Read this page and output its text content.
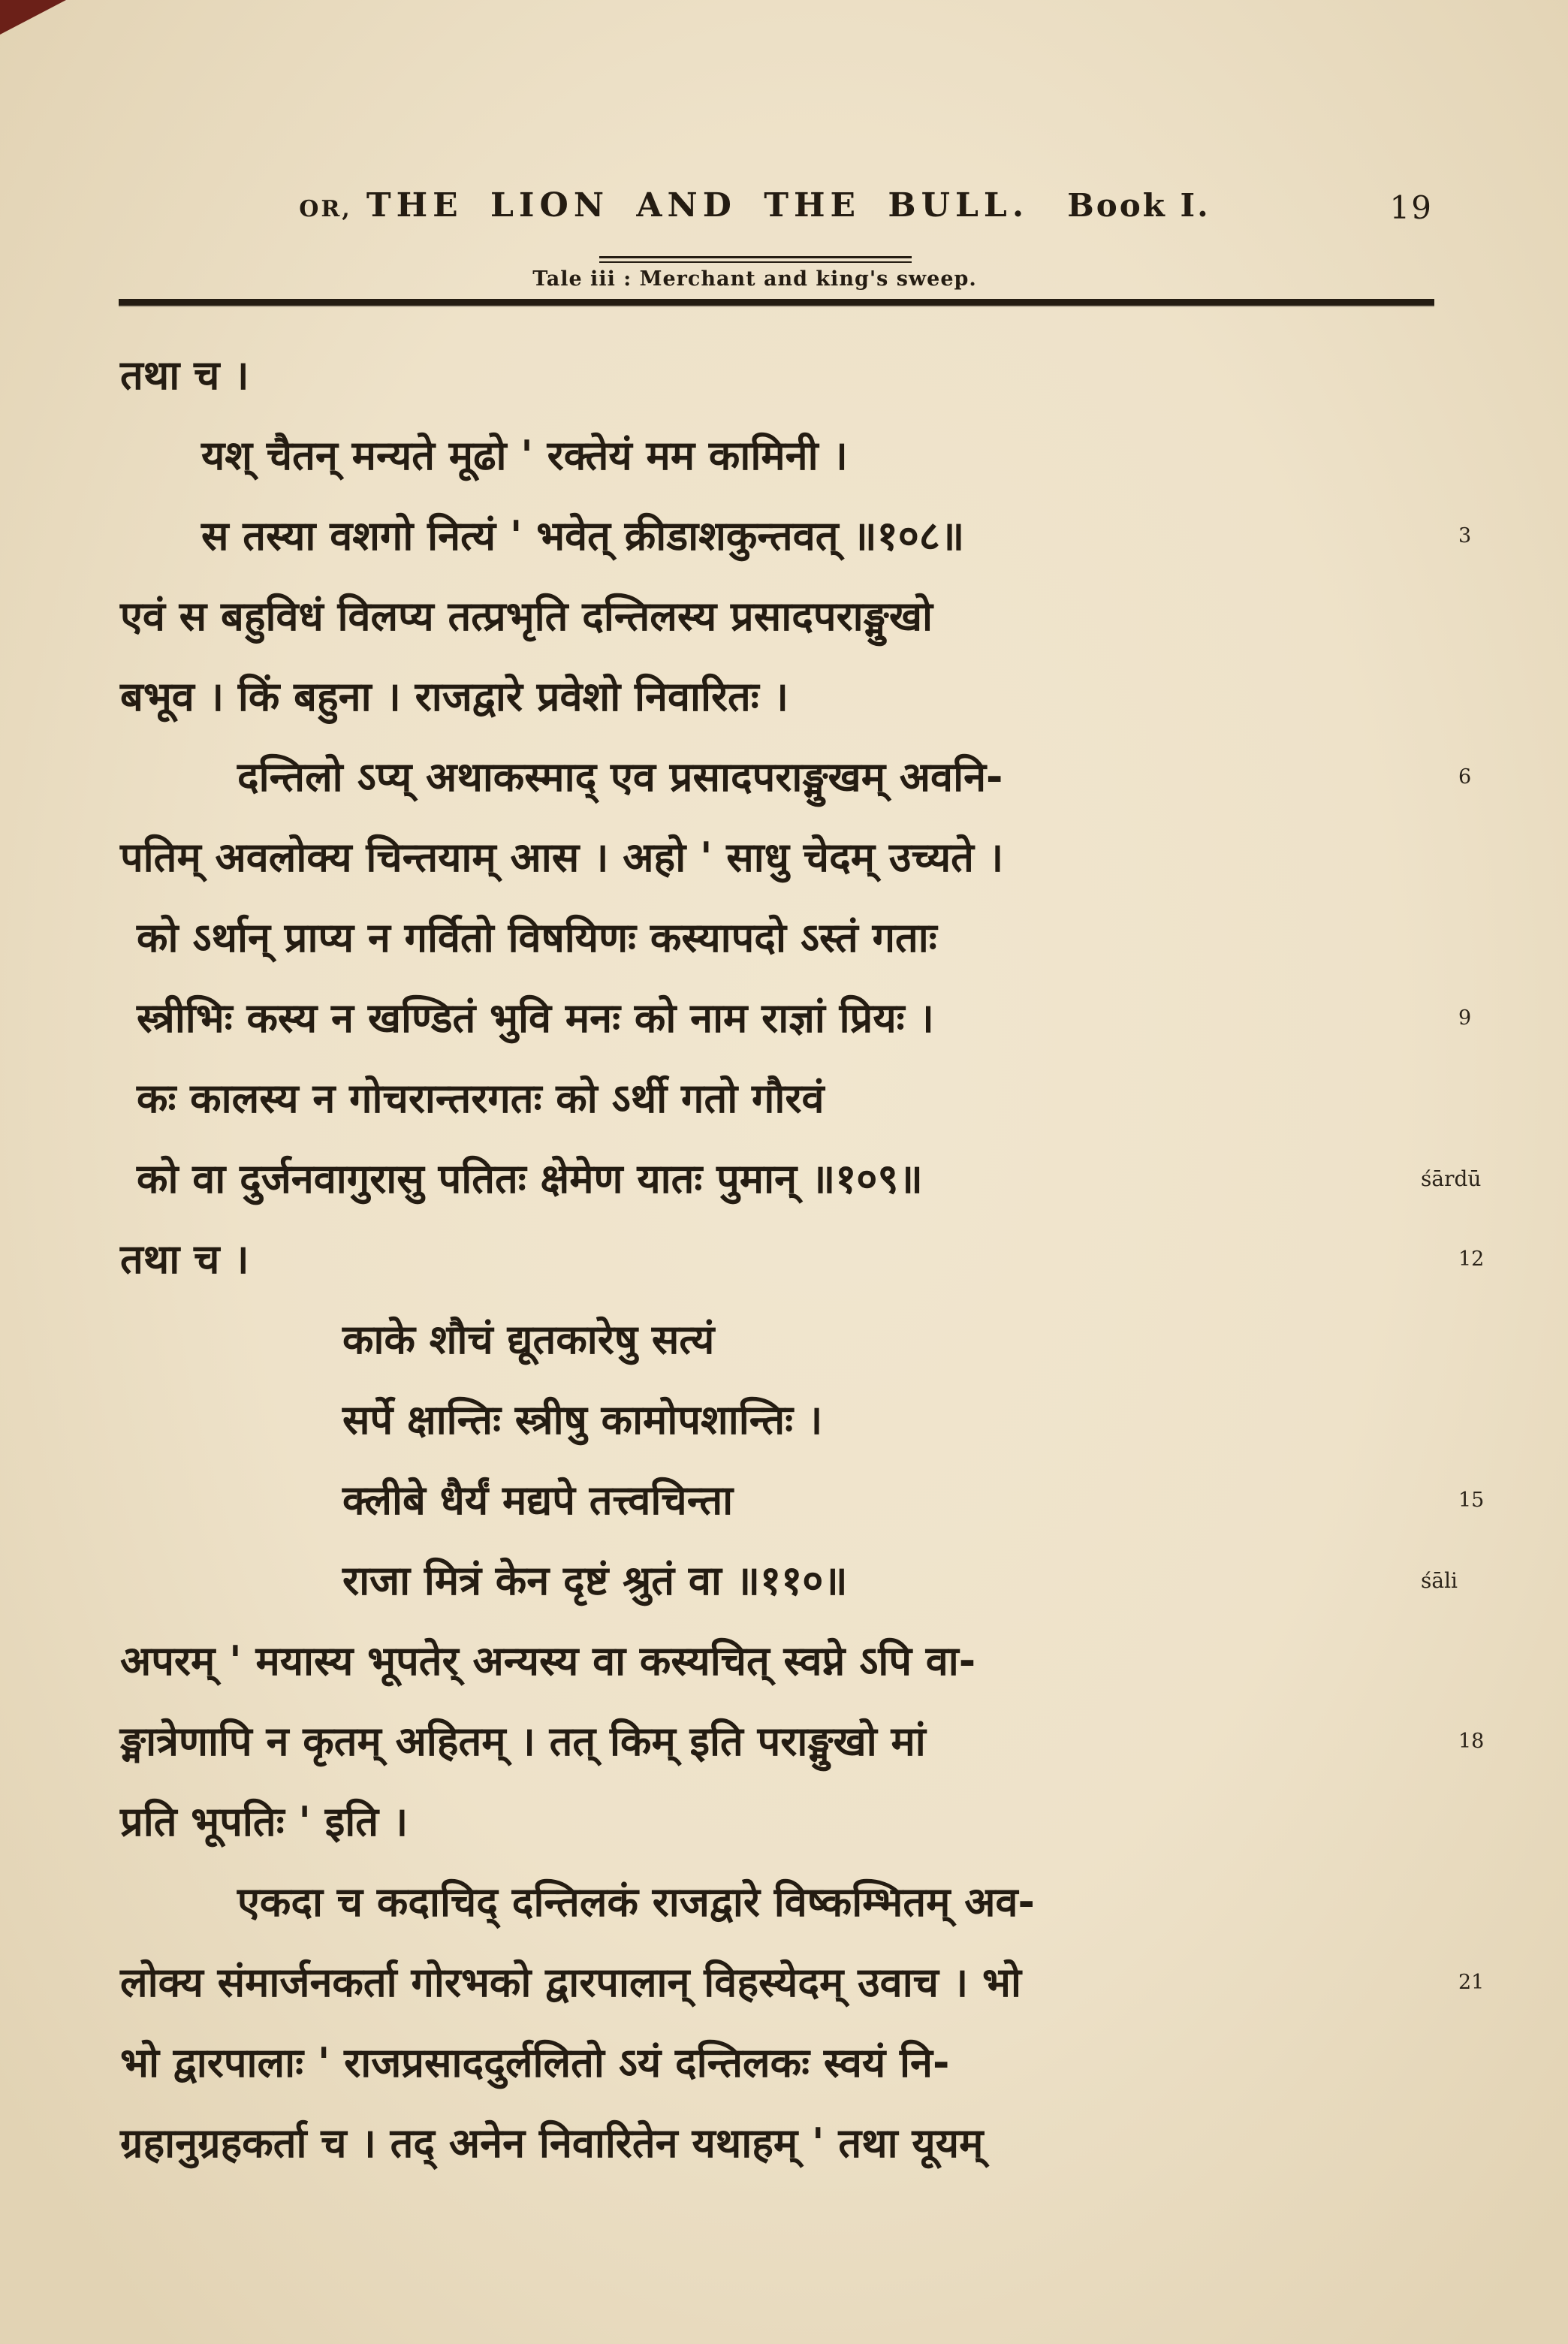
OR, THE LION AND THE BULL. Book I.
Tale iii : Merchant and king's sweep.
19
तथा च ।
यश् चैतन् मन्यते मूढो ' रक्तेयं मम कामिनी ।
स तस्या वशगो नित्यं ' भवेत् क्रीडाशकुन्तवत् ॥१०८॥	3
एवं स बहुविधं विलप्य तत्प्रभृति दन्तिलस्य प्रसादपराङ्मुखो
बभूव । किं बहुना । राजद्वारे प्रवेशो निवारितः ।
दन्तिलो ऽप्य् अथाकस्माद् एव प्रसादपराङ्मुखम् अवनि-	6
पतिम् अवलोक्य चिन्तयाम् आस । अहो ' साधु चेदम् उच्यते ।
को ऽर्थान् प्राप्य न गर्वितो विषयिणः कस्यापदो ऽस्तं गताः
स्त्रीभिः कस्य न खण्डितं भुवि मनः को नाम राज्ञां प्रियः ।	9
कः कालस्य न गोचरान्तरगतः को ऽर्थी गतो गौरवं
को वा दुर्जनवागुरासु पतितः क्षेमेण यातः पुमान् ॥१०९॥	śārdū
तथा च ।	12
काके शौचं द्यूतकारेषु सत्यं
सर्पे क्षान्तिः स्त्रीषु कामोपशान्तिः ।
क्लीबे धैर्यं मद्यपे तत्त्वचिन्ता	15
राजा मित्रं केन दृष्टं श्रुतं वा ॥११०॥	śāli
अपरम् ' मयास्य भूपतेर् अन्यस्य वा कस्यचित् स्वप्ने ऽपि वा-
ङ्मात्रेणापि न कृतम् अहितम् । तत् किम् इति पराङ्मुखो मां	18
प्रति भूपतिः ' इति ।
एकदा च कदाचिद् दन्तिलकं राजद्वारे विष्कम्भितम् अव-
लोक्य संमार्जनकर्ता गोरभको द्वारपालान् विहस्येदम् उवाच । भो	21
भो द्वारपालाः ' राजप्रसाददुर्ललितो ऽयं दन्तिलकः स्वयं नि-
ग्रहानुग्रहकर्ता च । तद् अनेन निवारितेन यथाहम् ' तथा यूयम्
